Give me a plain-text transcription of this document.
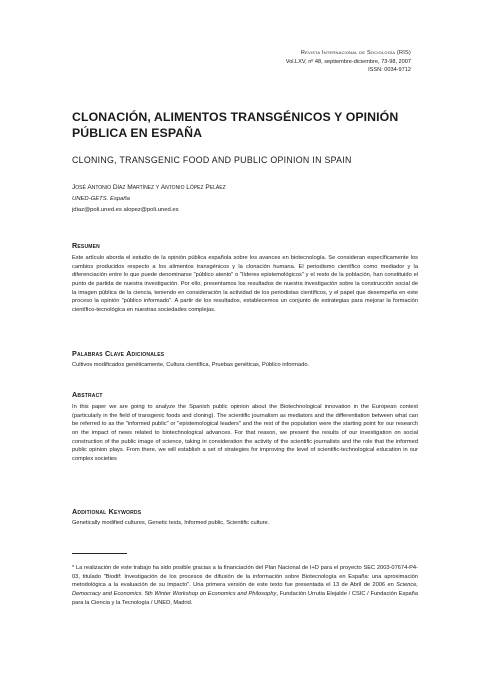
Revista Internacional de Sociología (RIS)
Vol.LXV, nº 48, septiembre-diciembre, 73-98, 2007
ISSN: 0034-9712
CLONACIÓN, ALIMENTOS TRANSGÉNICOS Y OPINIÓN PÚBLICA EN ESPAÑA
CLONING, TRANSGENIC FOOD AND PUBLIC OPINION IN SPAIN
José Antonio Díaz Martínez y Antonio López Peláez
UNED-GETS. España
jdiaz@poli.uned.es alopez@poli.uned.es
Resumen
Este artículo aborda el estudio de la opinión pública española sobre los avances en biotecnología. Se consideran específicamente los cambios producidos respecto a los alimentos transgénicos y la clonación humana. El periodismo científico como mediador y la diferenciación entre lo que puede denominarse "público atento" o "líderes epistemológicos" y el resto de la población, han constituido el punto de partida de nuestra investigación. Por ello, presentamos los resultados de nuestra investigación sobre la construcción social de la imagen pública de la ciencia, teniendo en consideración la actividad de los periodistas científicos, y el papel que desempeña en este proceso la opinión "público informado". A partir de los resultados, establecemos un conjunto de estrategias para mejorar la formación científico-tecnológica en nuestras sociedades complejas.
Palabras Clave Adicionales
Cultivos modificados genéticamente, Cultura científica, Pruebas genéticas, Público informado.
Abstract
In this paper we are going to analyze the Spanish public opinion about the Biotechnological innovation in the European context (particularly in the field of transgenic foods and cloning). The scientific journalism as mediators and the differentiation between what can be referred to as the "informed public" or "epistemological leaders" and the rest of the population were the starting point for our research on the impact of news related to biotechnological advances. For that reason, we present the results of our investigation on social construction of the public image of science, taking in consideration the activity of the scientific journalists and the role that the informed public opinion plays. From there, we will establish a set of strategies for improving the level of scientific-technological education in our complex societies
Additional Keywords
Genetically modified cultures, Genetic tests, Informed public, Scientific culture.
* La realización de este trabajo ha sido posible gracias a la financiación del Plan Nacional de I+D para el proyecto SEC 2003-07674-P4-03, titulado "Biodif: Investigación de los procesos de difusión de la información sobre Biotecnología en España: una aproximación metodológica a la evaluación de su impacto". Una primera versión de este texto fue presentada el 13 de Abril de 2006 en Science, Democracy and Economics. 5th Winter Workshop on Economics and Philosophy, Fundación Urrutia Elejalde / CSIC / Fundación España para la Ciencia y la Tecnología / UNED, Madrid.
